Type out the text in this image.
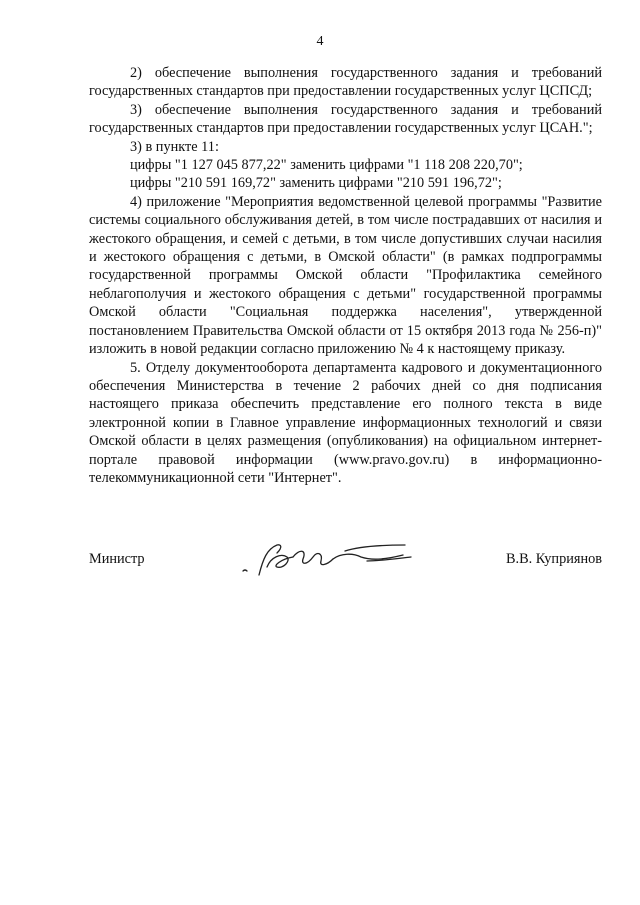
4

2) обеспечение выполнения государственного задания и требований государственных стандартов при предоставлении государственных услуг ЦСПСД;

3) обеспечение выполнения государственного задания и требований государственных стандартов при предоставлении государственных услуг ЦСАН.";

3) в пункте 11:

цифры "1 127 045 877,22" заменить цифрами "1 118 208 220,70";

цифры "210 591 169,72" заменить цифрами "210 591 196,72";

4) приложение "Мероприятия ведомственной целевой программы "Развитие системы социального обслуживания детей, в том числе пострадавших от насилия и жестокого обращения, и семей с детьми, в том числе допустивших случаи насилия и жестокого обращения с детьми, в Омской области" (в рамках подпрограммы государственной программы Омской области "Профилактика семейного неблагополучия и жестокого обращения с детьми" государственной программы Омской области "Социальная поддержка населения", утвержденной постановлением Правительства Омской области от 15 октября 2013 года № 256-п)" изложить в новой редакции согласно приложению № 4 к настоящему приказу.

5. Отделу документооборота департамента кадрового и документационного обеспечения Министерства в течение 2 рабочих дней со дня подписания настоящего приказа обеспечить представление его полного текста в виде электронной копии в Главное управление информационных технологий и связи Омской области в целях размещения (опубликования) на официальном интернет-портале правовой информации (www.pravo.gov.ru) в информационно-телекоммуникационной сети "Интернет".

Министр	В.В. Куприянов
